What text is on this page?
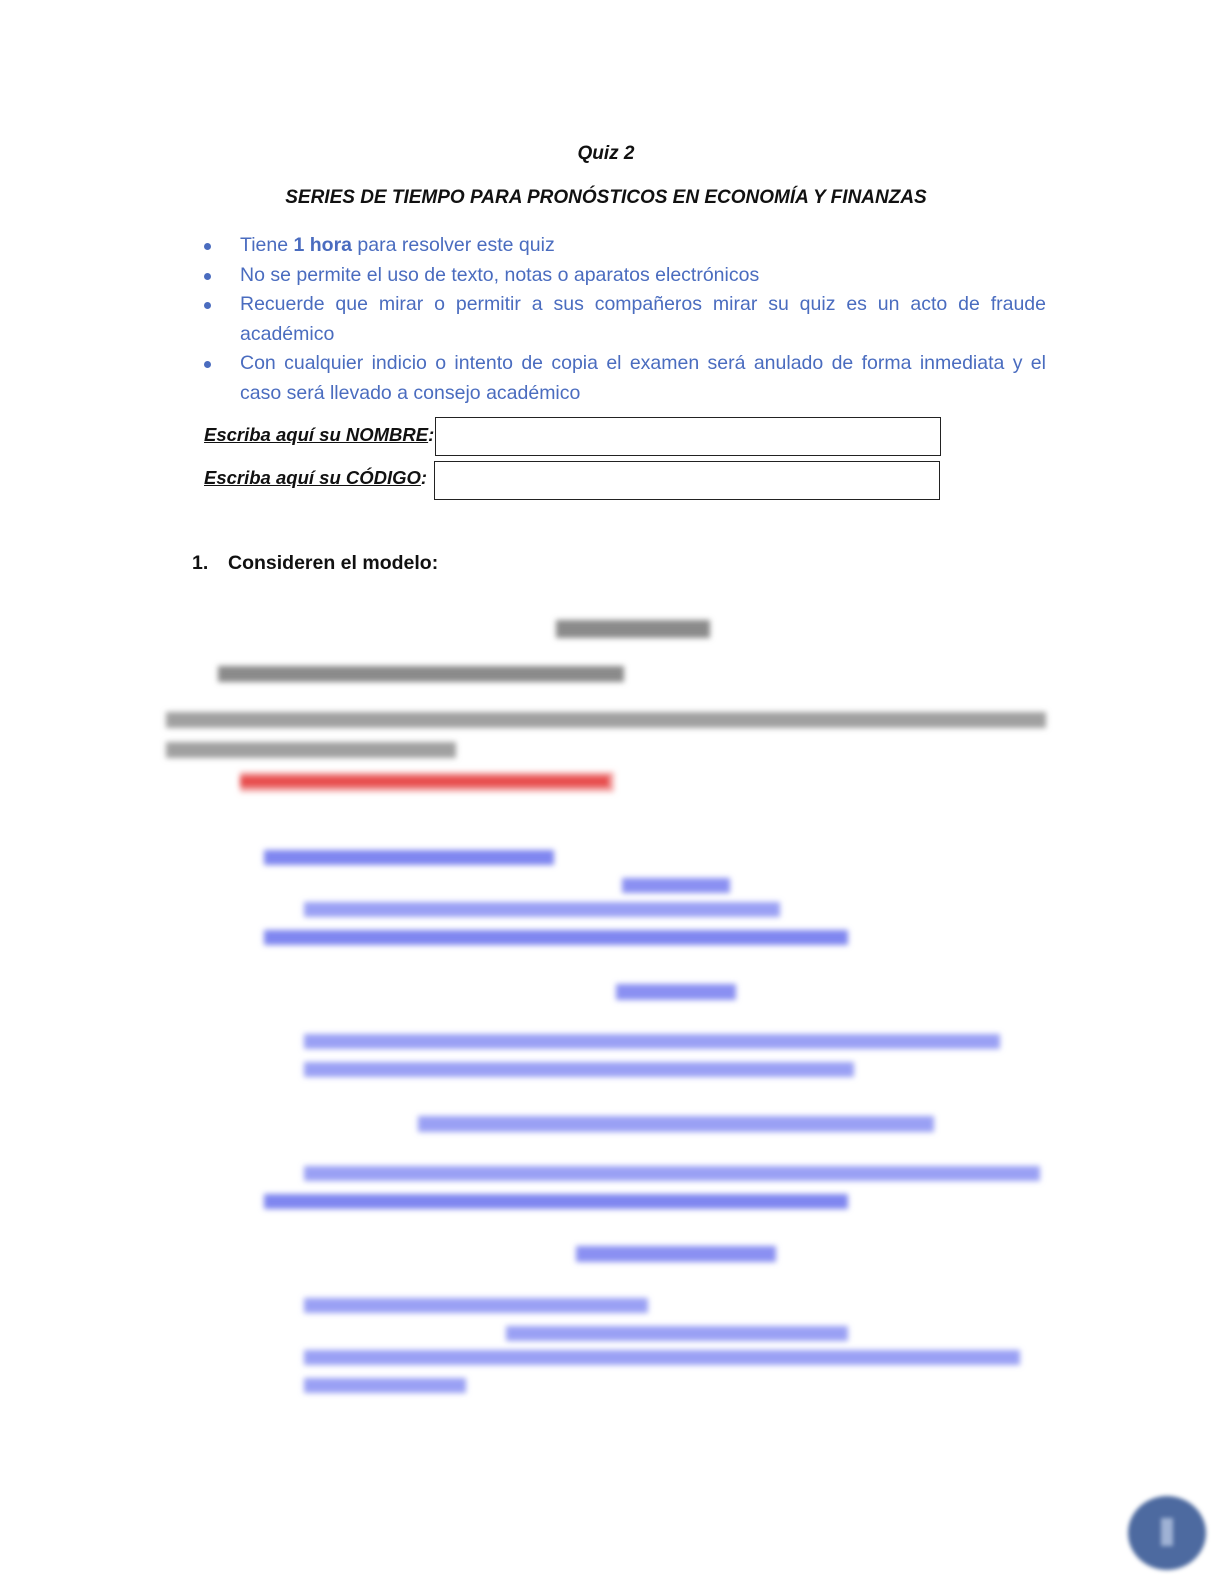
Quiz 2
SERIES DE TIEMPO PARA PRONÓSTICOS EN ECONOMÍA Y FINANZAS
Tiene 1 hora para resolver este quiz
No se permite el uso de texto, notas o aparatos electrónicos
Recuerde que mirar o permitir a sus compañeros mirar su quiz es un acto de fraude académico
Con cualquier indicio o intento de copia el examen será anulado de forma inmediata y el caso será llevado a consejo académico
Escriba aquí su NOMBRE:
Escriba aquí su CÓDIGO:
1. Consideren el modelo:
